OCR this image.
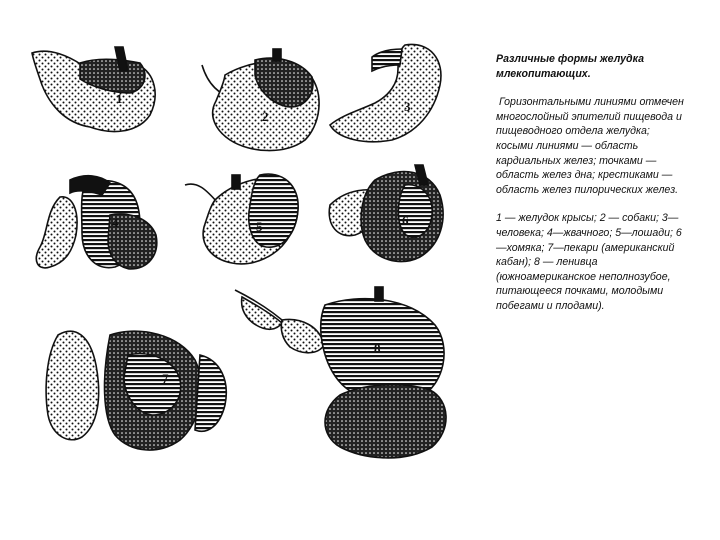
1
2
3
4	5	6
7
8

Различные формы желудка млекопитающих.

Горизонтальными линиями отмечен многослойный эпителий пищевода и пищеводного отдела желудка; косыми линиями — область кардиальных желез; точками — область желез дна; крестиками — область желез пилорических желез.

1 — желудок крысы; 2 — собаки; 3—человека; 4—жвачного; 5—лошади; 6—хомяка; 7—пекари (американский кабан); 8 — ленивца (южноамериканское неполнозубое, питающееся почками, молодыми побегами и плодами).
